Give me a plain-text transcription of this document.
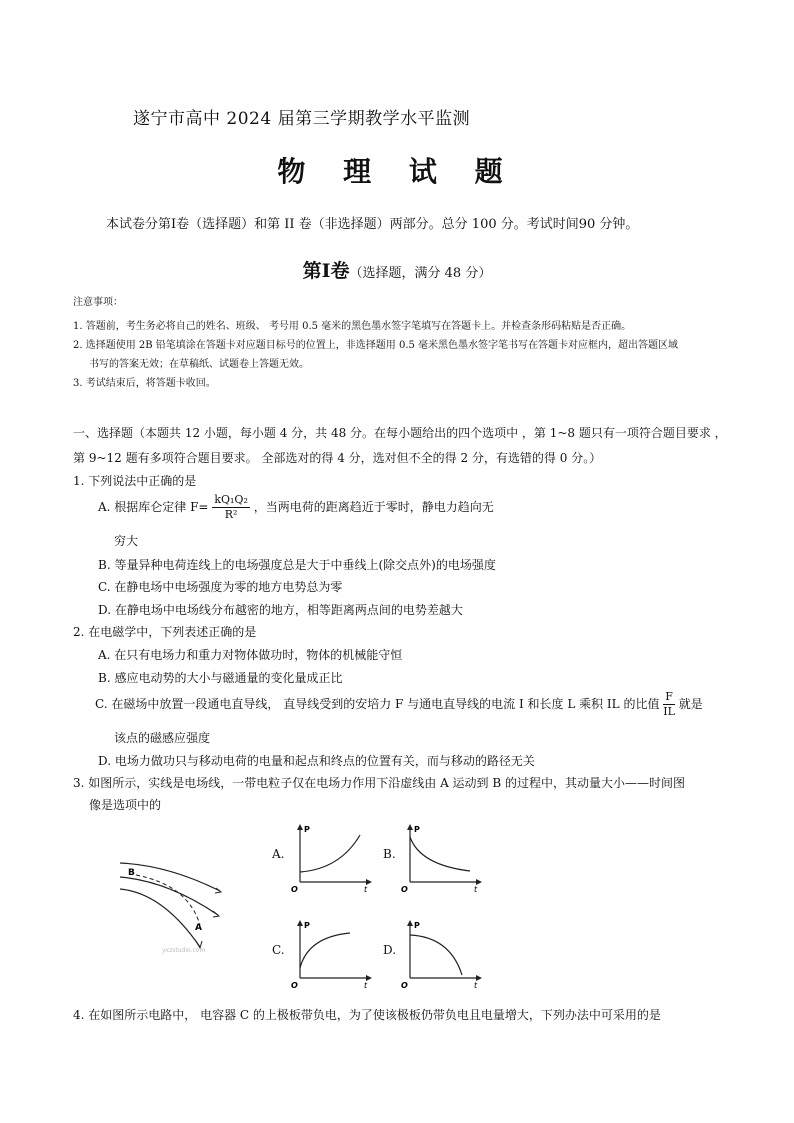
遂宁市高中 2024 届第三学期教学水平监测
物 理 试 题
本试卷分第Ⅰ卷（选择题）和第 II 卷（非选择题）两部分。总分 100 分。考试时间90 分钟。
第Ⅰ卷（选择题，满分 48 分）
注意事项：
1. 答题前，考生务必将自己的姓名、班级、 考号用 0.5 毫米的黑色墨水签字笔填写在答题卡上。并检查条形码粘贴是否正确。
2. 选择题使用 2B 铅笔填涂在答题卡对应题目标号的位置上，非选择题用 0.5 毫米黑色墨水签字笔书写在答题卡对应框内，超出答题区域
书写的答案无效；在草稿纸、试题卷上答题无效。
3. 考试结束后，将答题卡收回。
一、选择题（本题共 12 小题，每小题 4 分，共 48 分。在每小题给出的四个选项中 ，第 1~8 题只有一项符合题目要求 ，
第 9~12 题有多项符合题目要求。 全部选对的得 4 分，选对但不全的得 2 分，有选错的得 0 分。）
1. 下列说法中正确的是
A. 根据库仑定律 $F= \frac{\text{kQ₁Q₂}}{\text{R²}}$ ，当两电荷的距离趋近于零时，静电力趋向无
穷大
B. 等量异种电荷连线上的电场强度总是大于中垂线上(除交点外)的电场强度
C. 在静电场中电场强度为零的地方电势总为零
D. 在静电场中电场线分布越密的地方，相等距离两点间的电势差越大
2. 在电磁学中，下列表述正确的是
A. 在只有电场力和重力对物体做功时，物体的机械能守恒
B. 感应电动势的大小与磁通量的变化量成正比
C. 在磁场中放置一段通电直导线， 直导线受到的安培力 F 与通电直导线的电流 I 和长度 L 乘积 IL 的比值 $\frac{F}{IL}$ 就是
该点的磁感应强度
D. 电场力做功只与移动电荷的电量和起点和终点的位置有关，而与移动的路径无关
3. 如图所示，实线是电场线，一带电粒子仅在电场力作用下沿虚线由 A 运动到 B 的过程中，其动量大小——时间图
像是选项中的
B
A
yxzstudio.com
A.
P
t
O
B.
P
t
O
C.
P
t
O
D.
P
t
O
4. 在如图所示电路中， 电容器 C 的上极板带负电，为了使该极板仍带负电且电量增大，下列办法中可采用的是
